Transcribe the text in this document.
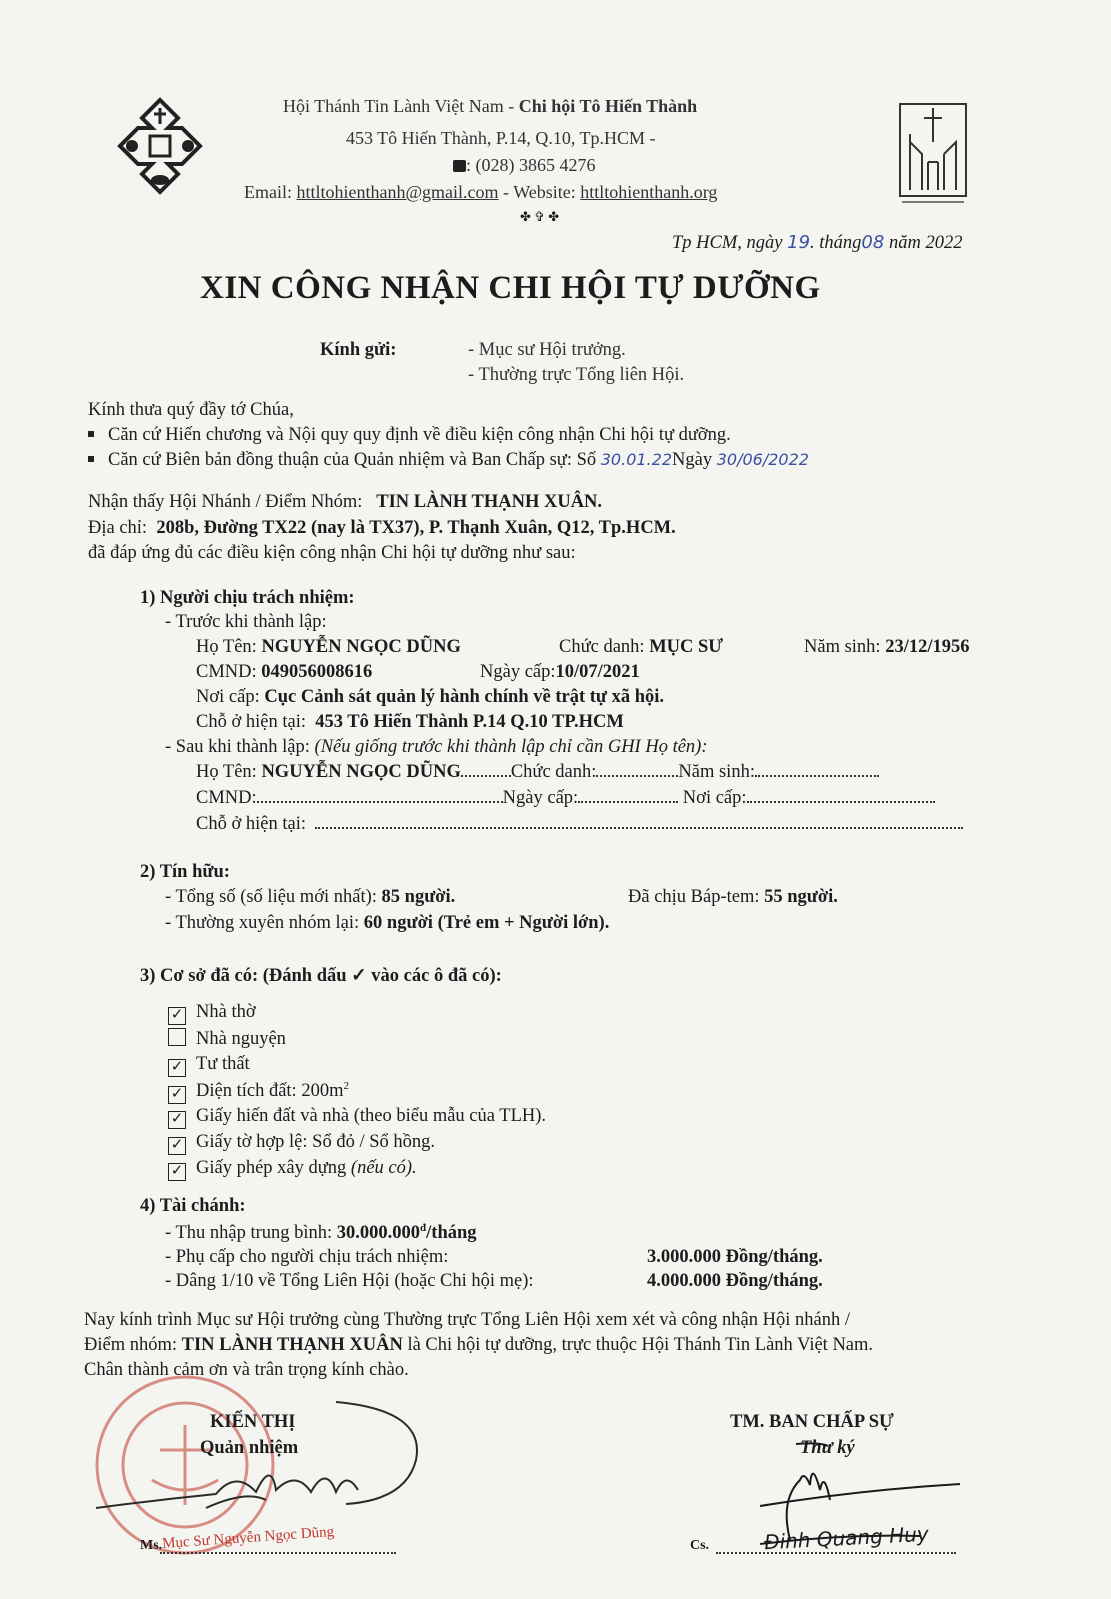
Hội Thánh Tin Lành Việt Nam - Chi hội Tô Hiến Thành
453 Tô Hiến Thành, P.14, Q.10, Tp.HCM -
: (028) 3865 4276
Email: httltohienthanh@gmail.com - Website: httltohienthanh.org
✤ ✞ ✤
Tp HCM, ngày 19. tháng08 năm 2022
XIN CÔNG NHẬN CHI HỘI TỰ DƯỠNG
Kính gửi:	- Mục sư Hội trưởng.
- Thường trực Tổng liên Hội.
Kính thưa quý đầy tớ Chúa,
Căn cứ Hiến chương và Nội quy quy định về điều kiện công nhận Chi hội tự dưỡng.
Căn cứ Biên bản đồng thuận của Quản nhiệm và Ban Chấp sự: Số 30.01.22Ngày 30/06/2022
Nhận thấy Hội Nhánh / Điểm Nhóm: TIN LÀNH THẠNH XUÂN.
Địa chỉ: 208b, Đường TX22 (nay là TX37), P. Thạnh Xuân, Q12, Tp.HCM.
đã đáp ứng đủ các điều kiện công nhận Chi hội tự dưỡng như sau:
1) Người chịu trách nhiệm:
- Trước khi thành lập:
Họ Tên: NGUYỄN NGỌC DŨNG	Chức danh: MỤC SƯ	Năm sinh: 23/12/1956
CMND: 049056008616	Ngày cấp:10/07/2021
Nơi cấp: Cục Cảnh sát quản lý hành chính về trật tự xã hội.
Chỗ ở hiện tại: 453 Tô Hiến Thành P.14 Q.10 TP.HCM
- Sau khi thành lập: (Nếu giống trước khi thành lập chỉ cần GHI Họ tên):
Họ Tên: NGUYỄN NGỌC DŨNG	Chức danh:	Năm sinh:
CMND:	Ngày cấp:	Nơi cấp:
Chỗ ở hiện tại:
2) Tín hữu:
- Tổng số (số liệu mới nhất): 85 người.	Đã chịu Báp-tem: 55 người.
- Thường xuyên nhóm lại: 60 người (Trẻ em + Người lớn).
3) Cơ sở đã có: (Đánh dấu ✓ vào các ô đã có):
✓ Nhà thờ
Nhà nguyện
✓ Tư thất
✓ Diện tích đất: $200m^2$
✓ Giấy hiến đất và nhà (theo biểu mẫu của TLH).
✓ Giấy tờ hợp lệ: Sổ đỏ / Sổ hồng.
✓ Giấy phép xây dựng (nếu có).
4) Tài chánh:
- Thu nhập trung bình: $30.000.000^đ$/tháng
- Phụ cấp cho người chịu trách nhiệm:	3.000.000 Đồng/tháng.
- Dâng 1/10 về Tổng Liên Hội (hoặc Chi hội mẹ):	4.000.000 Đồng/tháng.
Nay kính trình Mục sư Hội trưởng cùng Thường trực Tổng Liên Hội xem xét và công nhận Hội nhánh /
Điểm nhóm: TIN LÀNH THẠNH XUÂN là Chi hội tự dưỡng, trực thuộc Hội Thánh Tin Lành Việt Nam.
Chân thành cảm ơn và trân trọng kính chào.
KIẾN THỊ
Quản nhiệm
Ms. Mục Sư Nguyễn Ngọc Dũng
TM. BAN CHẤP SỰ
Thư ký
Cs.	Đinh Quang Huy
